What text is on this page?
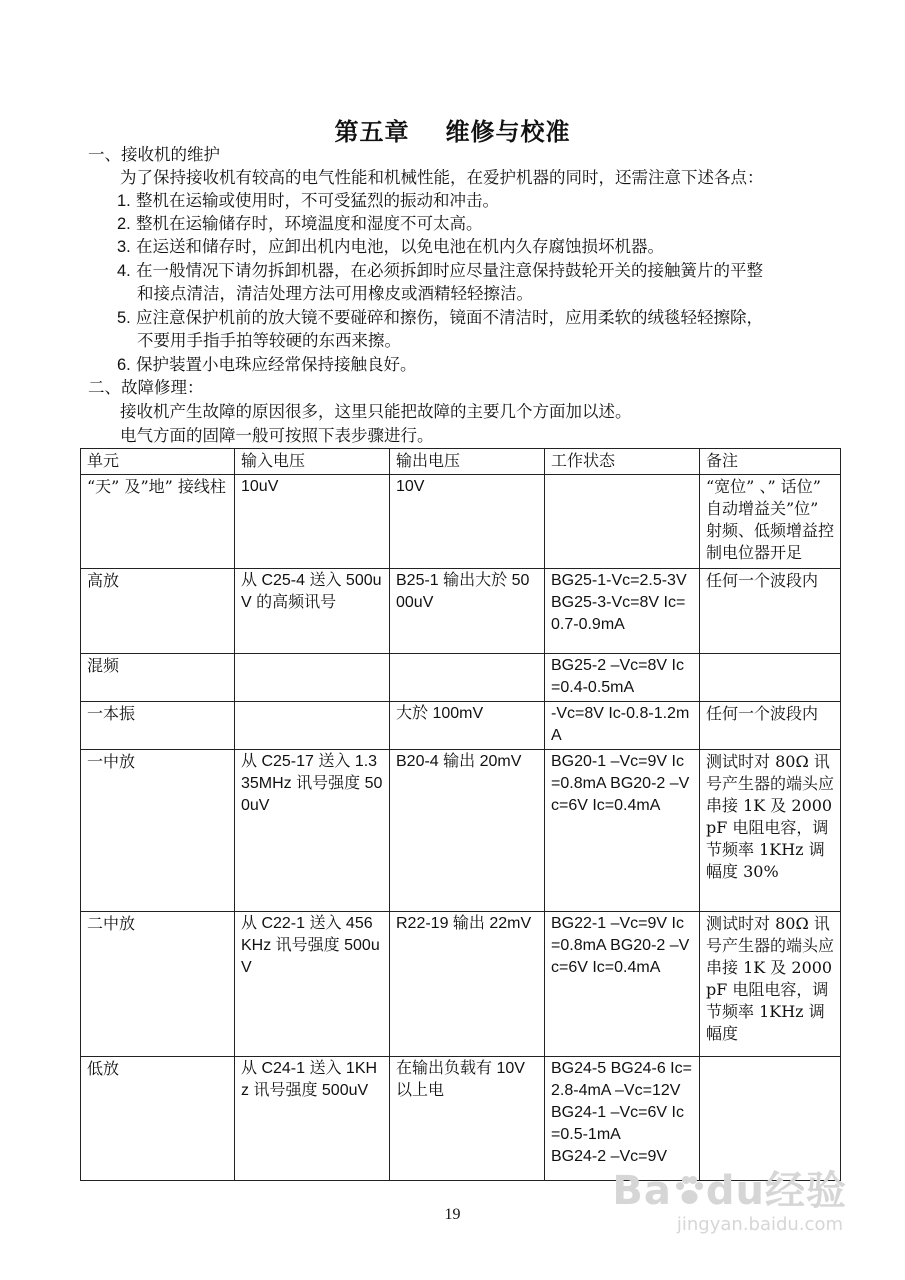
第五章 维修与校准
一、接收机的维护
为了保持接收机有较高的电气性能和机械性能，在爱护机器的同时，还需注意下述各点：
1. 整机在运输或使用时，不可受猛烈的振动和冲击。
2. 整机在运输储存时，环境温度和湿度不可太高。
3. 在运送和储存时，应卸出机内电池，以免电池在机内久存腐蚀损坏机器。
4. 在一般情况下请勿拆卸机器，在必须拆卸时应尽量注意保持鼓轮开关的接触簧片的平整
和接点清洁，清洁处理方法可用橡皮或酒精轻轻擦洁。
5. 应注意保护机前的放大镜不要碰碎和擦伤，镜面不清洁时，应用柔软的绒毯轻轻擦除，
不要用手指手拍等较硬的东西来擦。
6. 保护装置小电珠应经常保持接触良好。
二、故障修理：
接收机产生故障的原因很多，这里只能把故障的主要几个方面加以述。
电气方面的固障一般可按照下表步骤进行。
单元	输入电压	输出电压	工作状态	备注
“天” 及”地” 接线柱	10uV	10V		“宽位” 、” 话位” 自动增益关”位” 射频、低频增益控制电位器开足
高放	从 C25-4 送入 500uV 的高频讯号	B25-1 输出大於 5000uV	BG25-1-Vc=2.5-3V BG25-3-Vc=8V Ic=0.7-0.9mA	任何一个波段内
混频			BG25-2 –Vc=8V Ic=0.4-0.5mA	
一本振		大於 100mV	-Vc=8V Ic-0.8-1.2mA	任何一个波段内
一中放	从 C25-17 送入 1.335MHz 讯号强度 500uV	B20-4 输出 20mV	BG20-1 –Vc=9V Ic=0.8mA BG20-2 –Vc=6V Ic=0.4mA	测试时对 80Ω 讯号产生器的端头应串接 1K 及 2000pF 电阻电容，调节频率 1KHz 调幅度 30%
二中放	从 C22-1 送入 456KHz 讯号强度 500uV	R22-19 输出 22mV	BG22-1 –Vc=9V Ic=0.8mA BG20-2 –Vc=6V Ic=0.4mA	测试时对 80Ω 讯号产生器的端头应串接 1K 及 2000pF 电阻电容，调节频率 1KHz 调幅度
低放	从 C24-1 送入 1KHz 讯号强度 500uV	在输出负载有 10V 以上电	BG24-5 BG24-6 Ic=2.8-4mA –Vc=12V
BG24-1 –Vc=6V Ic=0.5-1mA
BG24-2 –Vc=9V	

19
Ba du经验
jingyan.baidu.com
